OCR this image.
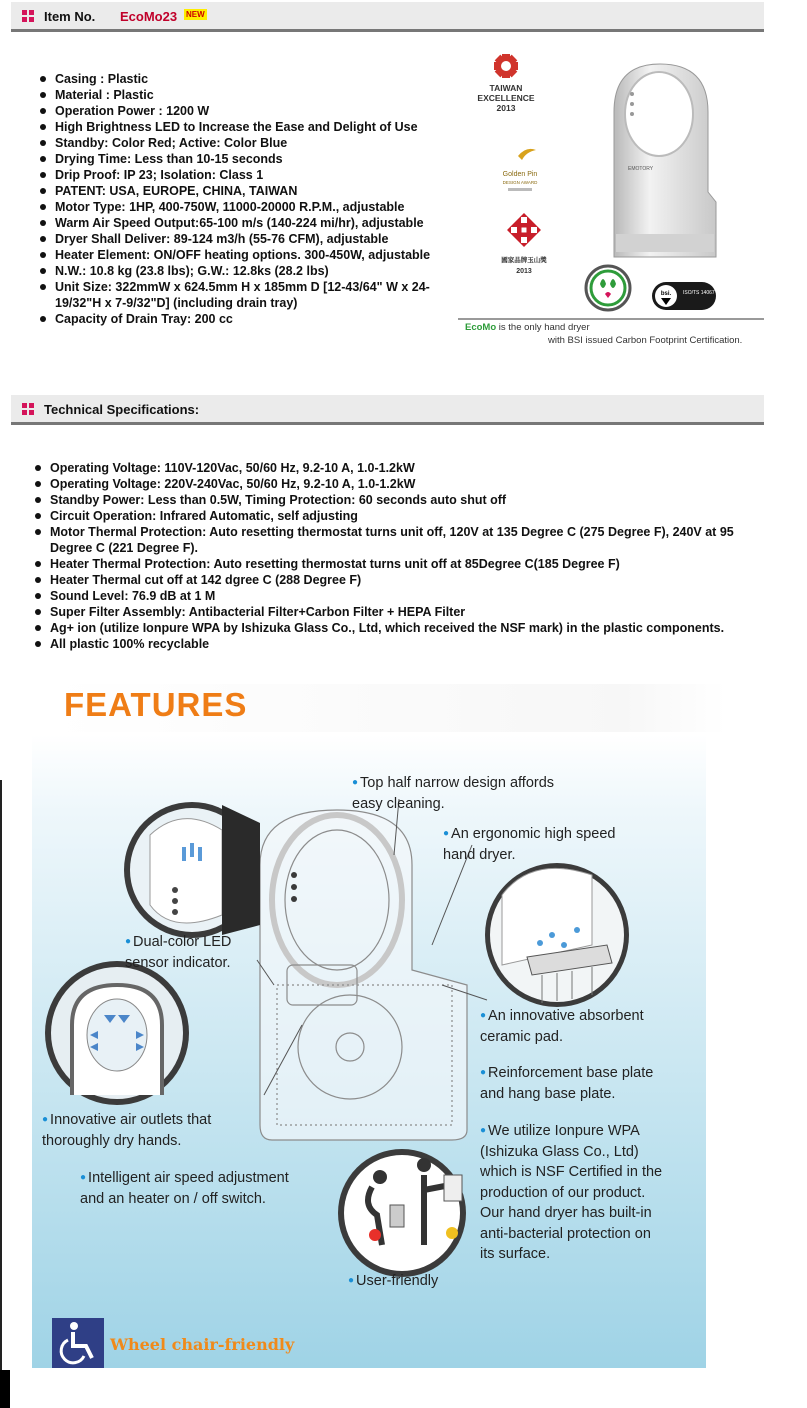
Item No. EcoMo23 NEW
Casing : Plastic
Material : Plastic
Operation Power : 1200 W
High Brightness LED to Increase the Ease and Delight of Use
Standby: Color Red; Active: Color Blue
Drying Time: Less than 10-15 seconds
Drip Proof: IP 23; Isolation: Class 1
PATENT: USA, EUROPE, CHINA, TAIWAN
Motor Type: 1HP, 400-750W, 11000-20000 R.P.M., adjustable
Warm Air Speed Output:65-100 m/s (140-224 mi/hr), adjustable
Dryer Shall Deliver: 89-124 m3/h (55-76 CFM), adjustable
Heater Element: ON/OFF heating options. 300-450W, adjustable
N.W.: 10.8 kg (23.8 lbs); G.W.: 12.8ks (28.2 lbs)
Unit Size: 322mmW x 624.5mm H x 185mm D [12-43/64" W x 24-19/32"H x 7-9/32"D] (including drain tray)
Capacity of Drain Tray: 200 cc
TAIWAN
EXCELLENCE
2013
Golden Pin
DESIGN AWARD
國家品牌玉山獎
2013
EMOTORY
bsi. ISO/TS 14067
EcoMo is the only hand dryer
with BSI issued Carbon Footprint Certification.
Technical Specifications:
Operating Voltage: 110V-120Vac, 50/60 Hz, 9.2-10 A, 1.0-1.2kW
Operating Voltage: 220V-240Vac, 50/60 Hz, 9.2-10 A, 1.0-1.2kW
Standby Power: Less than 0.5W, Timing Protection: 60 seconds auto shut off
Circuit Operation: Infrared Automatic, self adjusting
Motor Thermal Protection: Auto resetting thermostat turns unit off, 120V at 135 Degree C (275 Degree F), 240V at 95 Degree C (221 Degree F).
Heater Thermal Protection: Auto resetting thermostat turns unit off at 85Degree C(185 Degree F)
Heater Thermal cut off at 142 dgree C (288 Degree F)
Sound Level: 76.9 dB at 1 M
Super Filter Assembly: Antibacterial Filter+Carbon Filter + HEPA Filter
Ag+ ion (utilize Ionpure WPA by Ishizuka Glass Co., Ltd, which received the NSF mark) in the plastic components.
All plastic 100% recyclable
FEATURES
● Top half narrow design affords
easy cleaning.
● An ergonomic high speed
hand dryer.
● Dual-color LED
sensor indicator.
● An innovative absorbent
ceramic pad.
● Reinforcement base plate
and hang base plate.
● We utilize Ionpure WPA
(Ishizuka Glass Co., Ltd)
which is NSF Certified in the
production of our product.
Our hand dryer has built-in
anti-bacterial protection on
its surface.
● Innovative air outlets that
thoroughly dry hands.
● Intelligent air speed adjustment
and an heater on / off switch.
● User-friendly
Wheel chair-friendly
